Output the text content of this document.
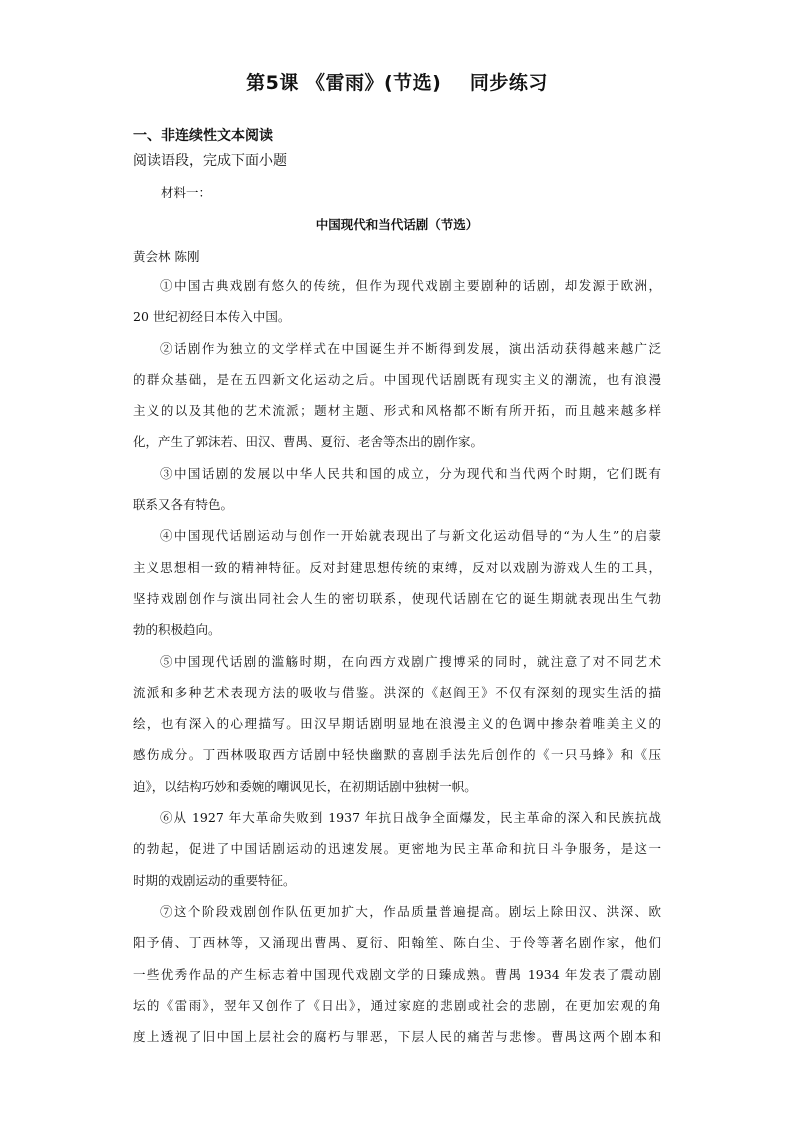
第5课 《雷雨》(节选)    同步练习
一、非连续性文本阅读
阅读语段，完成下面小题
材料一：
中国现代和当代话剧（节选）
黄会林 陈刚
①中国古典戏剧有悠久的传统，但作为现代戏剧主要剧种的话剧，却发源于欧洲，
20 世纪初经日本传入中国。
②话剧作为独立的文学样式在中国诞生并不断得到发展，演出活动获得越来越广泛
的群众基础，是在五四新文化运动之后。中国现代话剧既有现实主义的潮流，也有浪漫
主义的以及其他的艺术流派；题材主题、形式和风格都不断有所开拓，而且越来越多样
化，产生了郭沫若、田汉、曹禺、夏衍、老舍等杰出的剧作家。
③中国话剧的发展以中华人民共和国的成立，分为现代和当代两个时期，它们既有
联系又各有特色。
④中国现代话剧运动与创作一开始就表现出了与新文化运动倡导的“为人生”的启蒙
主义思想相一致的精神特征。反对封建思想传统的束缚，反对以戏剧为游戏人生的工具，
坚持戏剧创作与演出同社会人生的密切联系，使现代话剧在它的诞生期就表现出生气勃
勃的积极趋向。
⑤中国现代话剧的滥觞时期，在向西方戏剧广搜博采的同时，就注意了对不同艺术
流派和多种艺术表现方法的吸收与借鉴。洪深的《赵阎王》不仅有深刻的现实生活的描
绘，也有深入的心理描写。田汉早期话剧明显地在浪漫主义的色调中掺杂着唯美主义的
感伤成分。丁西林吸取西方话剧中轻快幽默的喜剧手法先后创作的《一只马蜂》和《压
迫》，以结构巧妙和委婉的嘲讽见长，在初期话剧中独树一帜。
⑥从 1927 年大革命失败到 1937 年抗日战争全面爆发，民主革命的深入和民族抗战
的勃起，促进了中国话剧运动的迅速发展。更密地为民主革命和抗日斗争服务，是这一
时期的戏剧运动的重要特征。
⑦这个阶段戏剧创作队伍更加扩大，作品质量普遍提高。剧坛上除田汉、洪深、欧
阳予倩、丁西林等，又涌现出曹禺、夏衍、阳翰笙、陈白尘、于伶等著名剧作家，他们
一些优秀作品的产生标志着中国现代戏剧文学的日臻成熟。曹禺 1934 年发表了震动剧
坛的《雷雨》，翌年又创作了《日出》，通过家庭的悲剧或社会的悲剧，在更加宏观的角
度上透视了旧中国上层社会的腐朽与罪恶，下层人民的痛苦与悲惨。曹禺这两个剧本和
